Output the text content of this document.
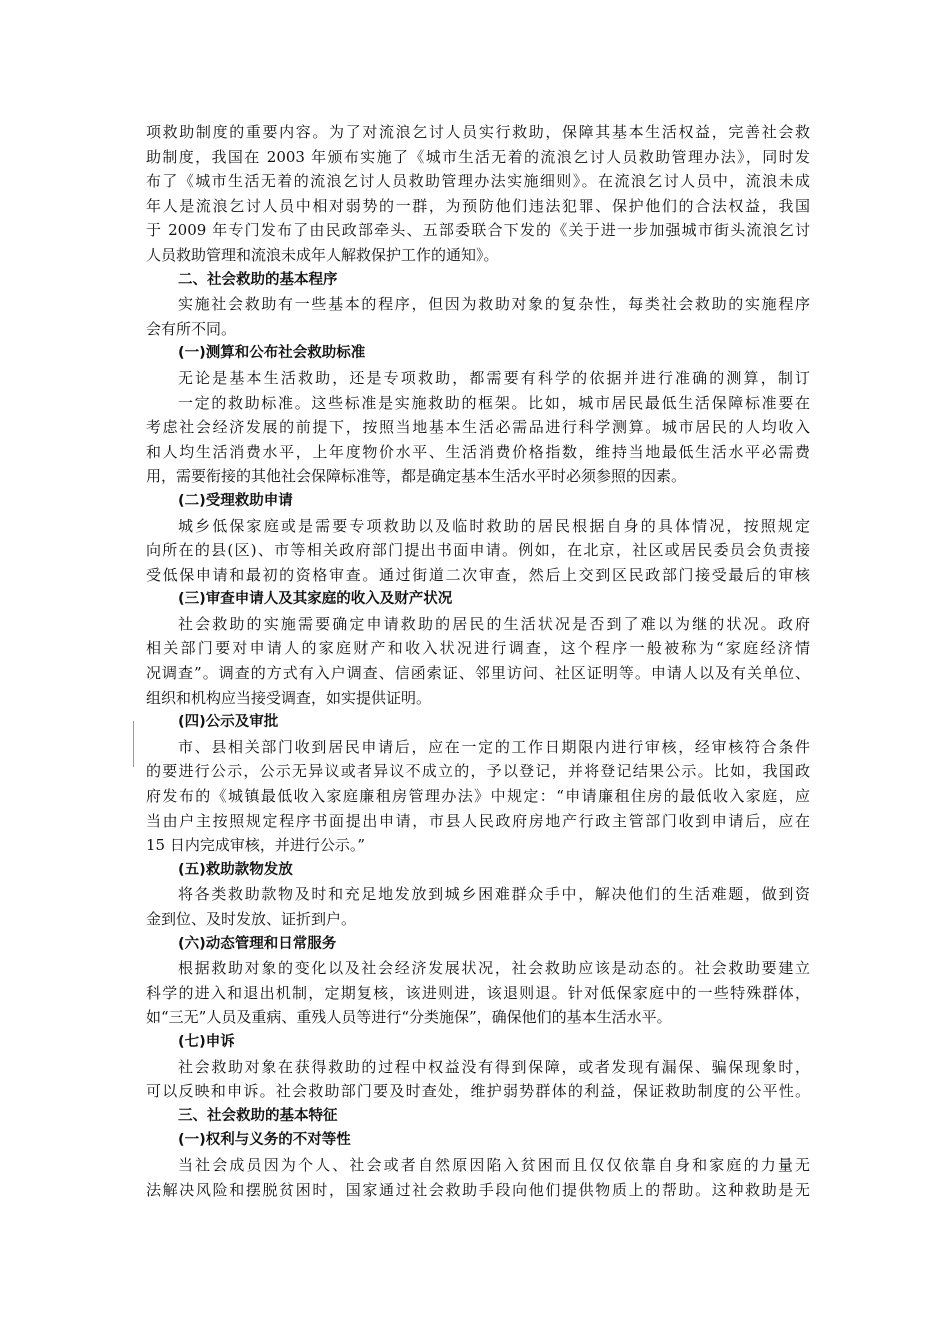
项救助制度的重要内容。为了对流浪乞讨人员实行救助，保障其基本生活权益，完善社会救
助制度，我国在 2003 年颁布实施了《城市生活无着的流浪乞讨人员救助管理办法》，同时发
布了《城市生活无着的流浪乞讨人员救助管理办法实施细则》。在流浪乞讨人员中，流浪未成
年人是流浪乞讨人员中相对弱势的一群，为预防他们违法犯罪、保护他们的合法权益，我国
于 2009 年专门发布了由民政部牵头、五部委联合下发的《关于进一步加强城市街头流浪乞讨
人员救助管理和流浪未成年人解救保护工作的通知》。
二、社会救助的基本程序
实施社会救助有一些基本的程序，但因为救助对象的复杂性，每类社会救助的实施程序
会有所不同。
(一)测算和公布社会救助标准
无论是基本生活救助，还是专项救助，都需要有科学的依据并进行准确的测算，制订
一定的救助标准。这些标准是实施救助的框架。比如，城市居民最低生活保障标准要在
考虑社会经济发展的前提下，按照当地基本生活必需品进行科学测算。城市居民的人均收入
和人均生活消费水平，上年度物价水平、生活消费价格指数，维持当地最低生活水平必需费
用，需要衔接的其他社会保障标准等，都是确定基本生活水平时必须参照的因素。
(二)受理救助申请
城乡低保家庭或是需要专项救助以及临时救助的居民根据自身的具体情况，按照规定
向所在的县(区)、市等相关政府部门提出书面申请。例如，在北京，社区或居民委员会负责接
受低保申请和最初的资格审查。通过街道二次审查，然后上交到区民政部门接受最后的审核
(三)审查申请人及其家庭的收入及财产状况
社会救助的实施需要确定申请救助的居民的生活状况是否到了难以为继的状况。政府
相关部门要对申请人的家庭财产和收入状况进行调查，这个程序一般被称为“家庭经济情
况调查”。调查的方式有入户调查、信函索证、邻里访问、社区证明等。申请人以及有关单位、
组织和机构应当接受调查，如实提供证明。
(四)公示及审批
市、县相关部门收到居民申请后，应在一定的工作日期限内进行审核，经审核符合条件
的要进行公示，公示无异议或者异议不成立的，予以登记，并将登记结果公示。比如，我国政
府发布的《城镇最低收入家庭廉租房管理办法》中规定：“申请廉租住房的最低收入家庭，应
当由户主按照规定程序书面提出申请，市县人民政府房地产行政主管部门收到申请后，应在
15 日内完成审核，并进行公示。”
(五)救助款物发放
将各类救助款物及时和充足地发放到城乡困难群众手中，解决他们的生活难题，做到资
金到位、及时发放、证折到户。
(六)动态管理和日常服务
根据救助对象的变化以及社会经济发展状况，社会救助应该是动态的。社会救助要建立
科学的进入和退出机制，定期复核，该进则进，该退则退。针对低保家庭中的一些特殊群体，
如“三无”人员及重病、重残人员等进行“分类施保”，确保他们的基本生活水平。
(七)申诉
社会救助对象在获得救助的过程中权益没有得到保障，或者发现有漏保、骗保现象时，
可以反映和申诉。社会救助部门要及时查处，维护弱势群体的利益，保证救助制度的公平性。
三、社会救助的基本特征
(一)权利与义务的不对等性
当社会成员因为个人、社会或者自然原因陷入贫困而且仅仅依靠自身和家庭的力量无
法解决风险和摆脱贫困时，国家通过社会救助手段向他们提供物质上的帮助。这种救助是无
